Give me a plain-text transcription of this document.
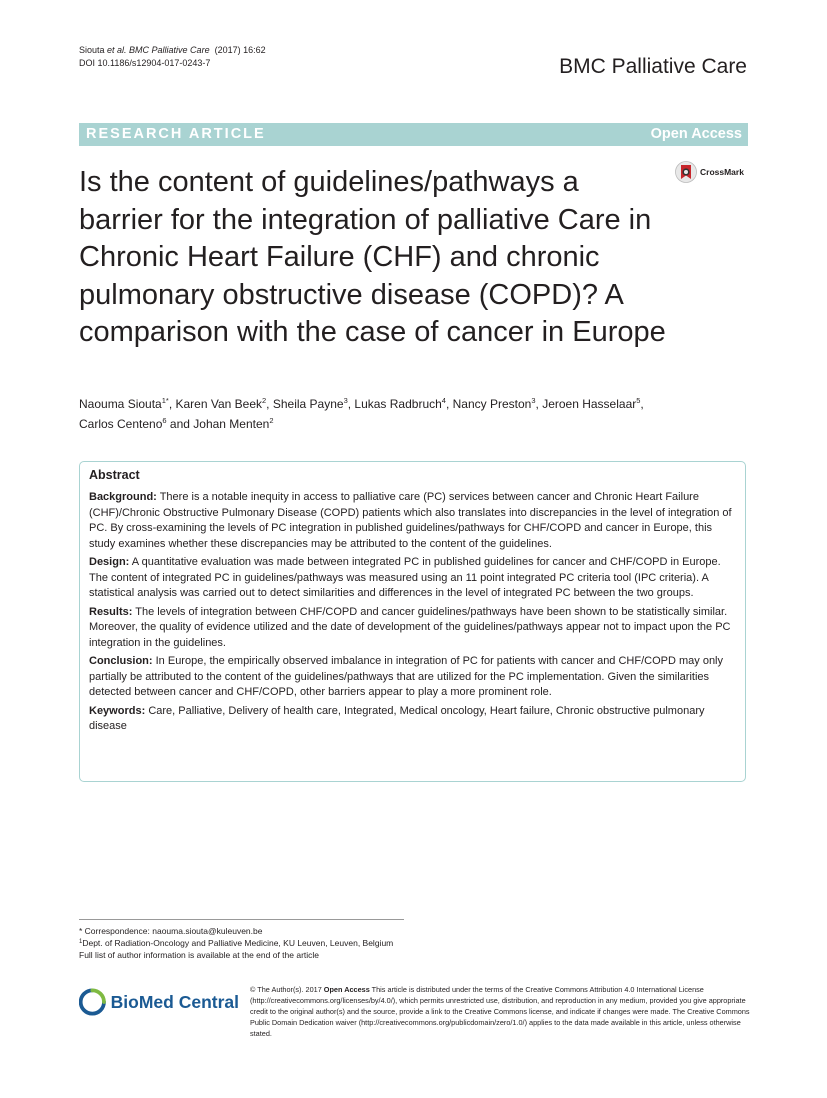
Siouta et al. BMC Palliative Care (2017) 16:62
DOI 10.1186/s12904-017-0243-7	BMC Palliative Care
RESEARCH ARTICLE	Open Access
Is the content of guidelines/pathways a barrier for the integration of palliative Care in Chronic Heart Failure (CHF) and chronic pulmonary obstructive disease (COPD)? A comparison with the case of cancer in Europe
CrossMark
Naouma Siouta$^{1*}$, Karen Van Beek$^2$, Sheila Payne$^3$, Lukas Radbruch$^4$, Nancy Preston$^3$, Jeroen Hasselaar$^5$,
Carlos Centeno$^6$ and Johan Menten$^2$
Abstract

Background: There is a notable inequity in access to palliative care (PC) services between cancer and Chronic Heart Failure (CHF)/Chronic Obstructive Pulmonary Disease (COPD) patients which also translates into discrepancies in the level of integration of PC. By cross-examining the levels of PC integration in published guidelines/pathways for CHF/COPD and cancer in Europe, this study examines whether these discrepancies may be attributed to the content of the guidelines.

Design: A quantitative evaluation was made between integrated PC in published guidelines for cancer and CHF/COPD in Europe. The content of integrated PC in guidelines/pathways was measured using an 11 point integrated PC criteria tool (IPC criteria). A statistical analysis was carried out to detect similarities and differences in the level of integrated PC between the two groups.

Results: The levels of integration between CHF/COPD and cancer guidelines/pathways have been shown to be statistically similar. Moreover, the quality of evidence utilized and the date of development of the guidelines/pathways appear not to impact upon the PC integration in the guidelines.

Conclusion: In Europe, the empirically observed imbalance in integration of PC for patients with cancer and CHF/COPD may only partially be attributed to the content of the guidelines/pathways that are utilized for the PC implementation. Given the similarities detected between cancer and CHF/COPD, other barriers appear to play a more prominent role.

Keywords: Care, Palliative, Delivery of health care, Integrated, Medical oncology, Heart failure, Chronic obstructive pulmonary disease

* Correspondence: naouma.siouta@kuleuven.be
$^1$Dept. of Radiation-Oncology and Palliative Medicine, KU Leuven, Leuven, Belgium
Full list of author information is available at the end of the article
BioMed Central
© The Author(s). 2017 Open Access This article is distributed under the terms of the Creative Commons Attribution 4.0 International License (http://creativecommons.org/licenses/by/4.0/), which permits unrestricted use, distribution, and reproduction in any medium, provided you give appropriate credit to the original author(s) and the source, provide a link to the Creative Commons license, and indicate if changes were made. The Creative Commons Public Domain Dedication waiver (http://creativecommons.org/publicdomain/zero/1.0/) applies to the data made available in this article, unless otherwise stated.
